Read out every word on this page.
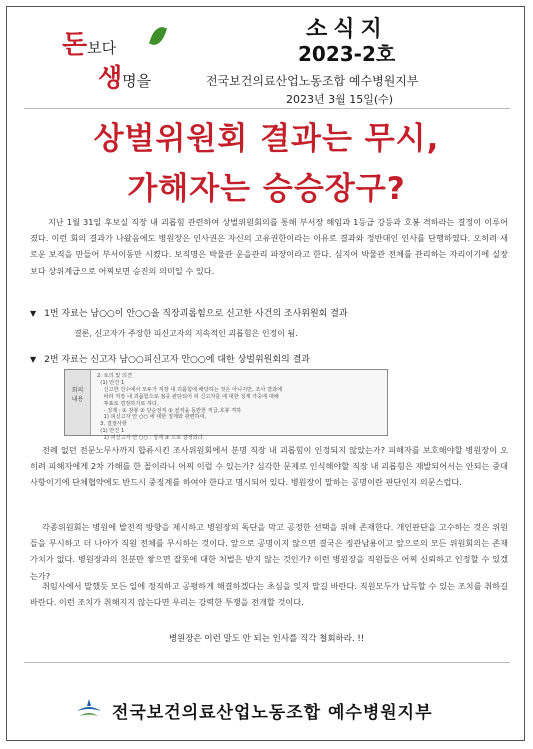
돈보다
생명을
소식지
2023-2호
전국보건의료산업노동조합 예수병원지부
2023년 3월 15일(수)
상벌위원회 결과는 무시,
가해자는 승승장구?
지난 1월 31일 후보실 직장 내 괴롭힘 관련하여 상벌위원회의를 통해 부서장 해임과 1등급 강등과 호봉 격하라는 결정이 이루어 졌다. 이런 회의 결과가 나왔음에도 병원장은 인사권은 자신의 고유권한이라는 이유로 결과와 정반대인 인사를 단행하였다. 오히려 새로운 보직을 만들어 부서이동만 시켰다. 보직명은 박물관 운을관리 파장이라고 한다. 심지어 박물관 전체를 관리하는 자리이기에 실장보다 상위계급으로 어찌보면 승진의 의미일 수 있다.
▼ 1번 자료는 남○○이 안○○을 직장괴롭힘으로 신고한 사건의 조사위원회 결과
결론, 신고자가 주장한 피신고자의 지속적인 괴롭힘은 인정이 됨.
▼ 2번 자료는 신고자 남○○피신고자 안○○에 대한 상벌위원회의 결과
회의
내용
2. 토의 및 의견
(1) 안건 1
신고한 건수에서 모두가 직장 내 괴롭힘에 해당하는 것은 아니지만, 조사 결과에
따라 직장 내 괴롭힘으로 점증 판단되어 피 신고자를 에 대한 징계 가중에 대해
투표로 결정하기로 하다.
- 징계 : ① 감봉 ② 단순전직 ③ 전직을 동반한 직급,호봉 격하
1) 피신고자 안 ○○ 에 대한 징계와 관련하여,
3. 결정사항
(1) 안건 1
1) 피신고자 안 ○○ : 징계 ③ 으로 결정되다.
전례 없던 전문노무사까지 합류시킨 조사위원회에서 분명 직장 내 괴롭힘이 인정되지 않았는가? 피해자를 보호해야할 병원장이 오히려 피해자에게 2차 가해를 한 꼴이라니 어찌 이럴 수 있는가? 심각한 문제로 인식해야할 직장 내 괴롭힘은 재발되어서는 안되는 중대 사항이기에 단체협약에도 반드시 중징계를 하여야 한다고 명시되어 있다. 병원장이 말하는 공명이란 판단인지 의문스럽다.
각종위원회는 병원에 발전적 방향을 제시하고 병원장의 독단을 막고 공정한 선택을 위해 존재한다. 개인판단을 고수하는 것은 위원들을 무시하고 더 나아가 직원 전체를 무시하는 것이다. 앞으로 공명이지 않으면 결국은 징관남용이고 앞으로의 모든 위원회의는 존재 가치가 없다. 병원장과의 친분만 쌓으면 잘못에 대한 처벌은 받지 않는 것인가? 이런 병원장을 직원들은 어찌 신뢰하고 인정할 수 있겠는가?
취임사에서 말했듯 모든 일에 정직하고 공평하게 해결하겠다는 초심을 잊지 말길 바란다. 직원모두가 납득할 수 있는 조치를 취하길 바란다. 이런 조치가 취해지지 않는다면 우리는 강력한 투쟁을 전개할 것이다.
병원장은 이런 말도 안 되는 인사를 직각 철회하라. !!
전국보건의료산업노동조합 예수병원지부
